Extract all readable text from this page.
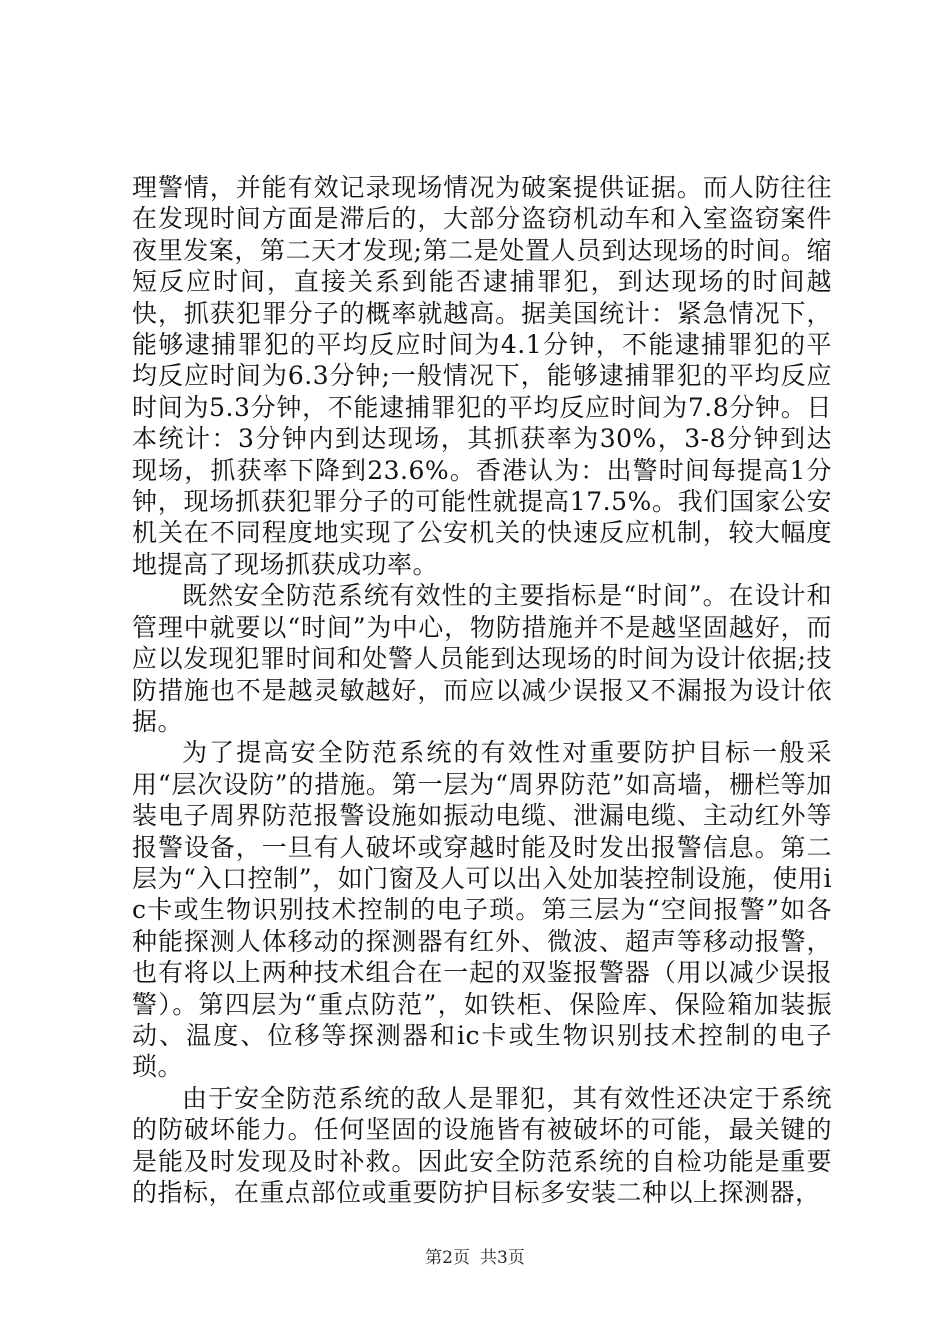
理警情，并能有效记录现场情况为破案提供证据。而人防往往在发现时间方面是滞后的，大部分盗窃机动车和入室盗窃案件夜里发案，第二天才发现;第二是处置人员到达现场的时间。缩短反应时间，直接关系到能否逮捕罪犯，到达现场的时间越快，抓获犯罪分子的概率就越高。据美国统计：紧急情况下，能够逮捕罪犯的平均反应时间为4.1分钟，不能逮捕罪犯的平均反应时间为6.3分钟;一般情况下，能够逮捕罪犯的平均反应时间为5.3分钟，不能逮捕罪犯的平均反应时间为7.8分钟。日本统计：3分钟内到达现场，其抓获率为30%，3-8分钟到达现场，抓获率下降到23.6%。香港认为：出警时间每提高1分钟，现场抓获犯罪分子的可能性就提高17.5%。我们国家公安机关在不同程度地实现了公安机关的快速反应机制，较大幅度地提高了现场抓获成功率。

既然安全防范系统有效性的主要指标是“时间”。在设计和管理中就要以“时间”为中心，物防措施并不是越坚固越好，而应以发现犯罪时间和处警人员能到达现场的时间为设计依据;技防措施也不是越灵敏越好，而应以减少误报又不漏报为设计依据。

为了提高安全防范系统的有效性对重要防护目标一般采用“层次设防”的措施。第一层为“周界防范”如高墙，栅栏等加装电子周界防范报警设施如振动电缆、泄漏电缆、主动红外等报警设备，一旦有人破坏或穿越时能及时发出报警信息。第二层为“入口控制”，如门窗及人可以出入处加装控制设施，使用ic卡或生物识别技术控制的电子琐。第三层为“空间报警”如各种能探测人体移动的探测器有红外、微波、超声等移动报警，也有将以上两种技术组合在一起的双鉴报警器（用以减少误报警）。第四层为“重点防范”，如铁柜、保险库、保险箱加装振动、温度、位移等探测器和ic卡或生物识别技术控制的电子琐。

由于安全防范系统的敌人是罪犯，其有效性还决定于系统的防破坏能力。任何坚固的设施皆有被破坏的可能，最关键的是能及时发现及时补救。因此安全防范系统的自检功能是重要的指标，在重点部位或重要防护目标多安装二种以上探测器，

第2页 共3页
